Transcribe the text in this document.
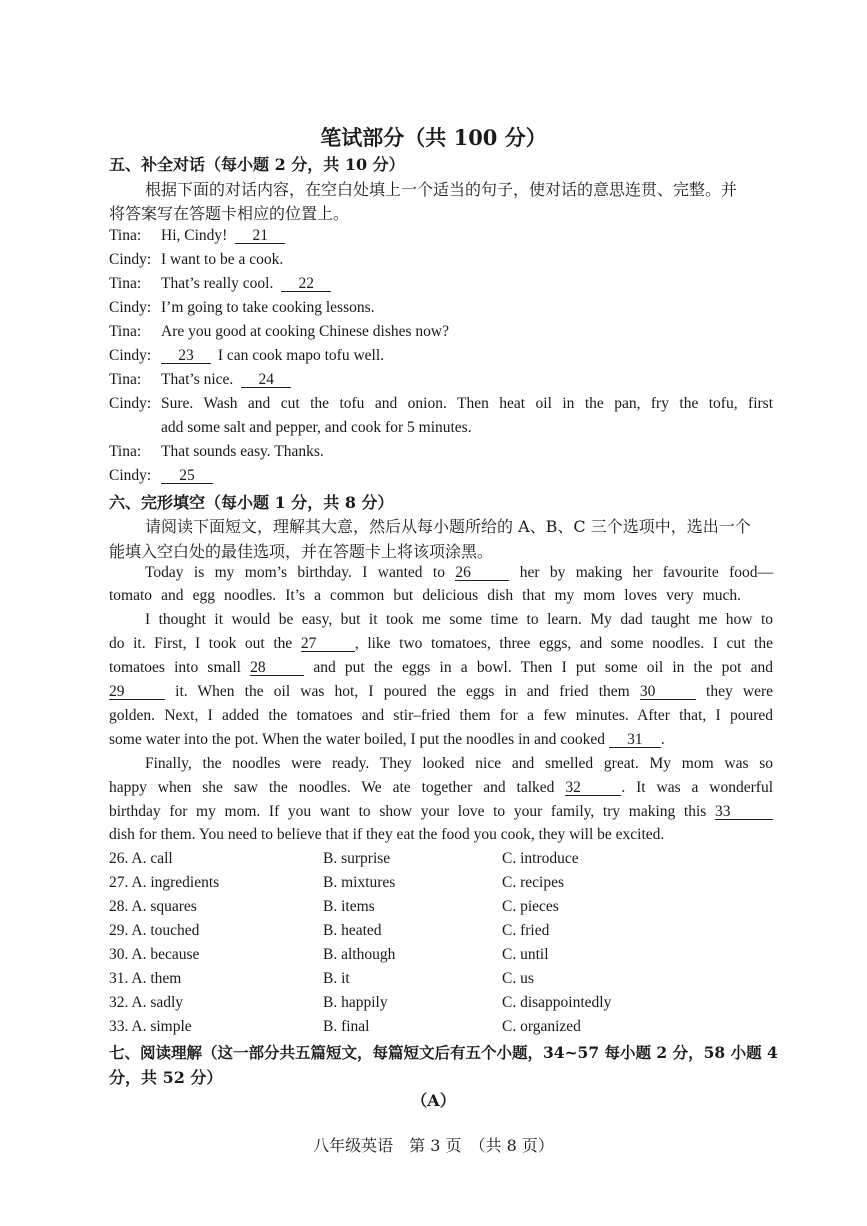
笔试部分（共 100 分）
五、补全对话（每小题 2 分，共 10 分）
根据下面的对话内容，在空白处填上一个适当的句子，使对话的意思连贯、完整。并
将答案写在答题卡相应的位置上。
Tina: Hi, Cindy! 21
Cindy: I want to be a cook.
Tina: That’s really cool. 22
Cindy: I’m going to take cooking lessons.
Tina: Are you good at cooking Chinese dishes now?
Cindy: 23 I can cook mapo tofu well.
Tina: That’s nice. 24
Cindy: Sure. Wash and cut the tofu and onion. Then heat oil in the pan, fry the tofu, first
add some salt and pepper, and cook for 5 minutes.
Tina: That sounds easy. Thanks.
Cindy: 25
六、完形填空（每小题 1 分，共 8 分）
请阅读下面短文，理解其大意，然后从每小题所给的 A、B、C 三个选项中，选出一个
能填入空白处的最佳选项，并在答题卡上将该项涂黑。
Today is my mom’s birthday. I wanted to 26	her by making her favourite food—
tomato and egg noodles. It’s a common but delicious dish that my mom loves very much.
I thought it would be easy, but it took me some time to learn. My dad taught me how to
do it. First, I took out the 27 , like two tomatoes, three eggs, and some noodles. I cut the
tomatoes into small 28	and put the eggs in a bowl. Then I put some oil in the pot and
29	it. When the oil was hot, I poured the eggs in and fried them 30	they were
golden. Next, I added the tomatoes and stir–fried them for a few minutes. After that, I poured
some water into the pot. When the water boiled, I put the noodles in and cooked 31 .
Finally, the noodles were ready. They looked nice and smelled great. My mom was so
happy when she saw the noodles. We ate together and talked 32	. It was a wonderful
birthday for my mom. If you want to show your love to your family, try making this 33
dish for them. You need to believe that if they eat the food you cook, they will be excited.
26. A. call	B. surprise	C. introduce
27. A. ingredients	B. mixtures	C. recipes
28. A. squares	B. items	C. pieces
29. A. touched	B. heated	C. fried
30. A. because	B. although	C. until
31. A. them	B. it	C. us
32. A. sadly	B. happily	C. disappointedly
33. A. simple	B. final	C. organized
七、阅读理解（这一部分共五篇短文，每篇短文后有五个小题，34~57 每小题 2 分，58 小题 4
分，共 52 分）
（A）
八年级英语　第 3 页　（共 8 页）
